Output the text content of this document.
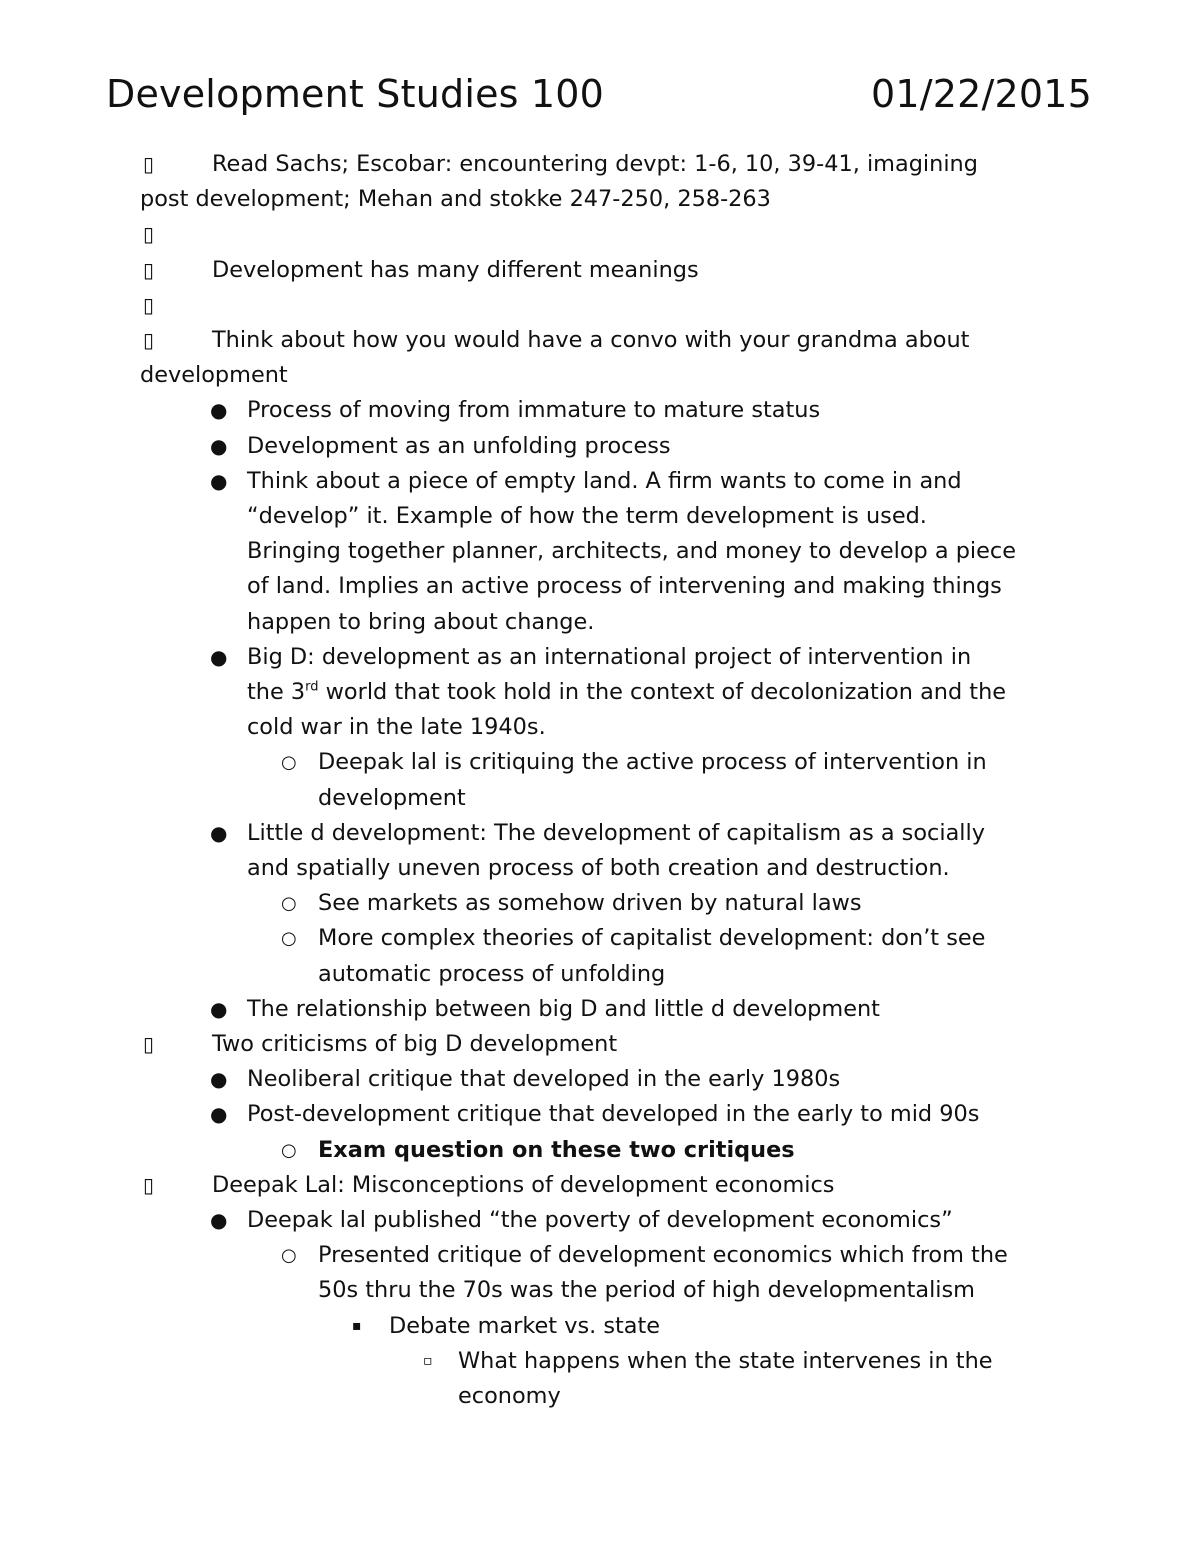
Development Studies 100	01/22/2015
▯	Read Sachs; Escobar: encountering devpt: 1-6, 10, 39-41, imagining
post development; Mehan and stokke 247-250, 258-263
▯
▯	Development has many different meanings
▯
▯	Think about how you would have a convo with your grandma about
development
● Process of moving from immature to mature status
● Development as an unfolding process
● Think about a piece of empty land. A firm wants to come in and
“develop” it. Example of how the term development is used.
Bringing together planner, architects, and money to develop a piece
of land. Implies an active process of intervening and making things
happen to bring about change.
● Big D: development as an international project of intervention in
the 3rd world that took hold in the context of decolonization and the
cold war in the late 1940s.
○ Deepak lal is critiquing the active process of intervention in
development
● Little d development: The development of capitalism as a socially
and spatially uneven process of both creation and destruction.
○ See markets as somehow driven by natural laws
○ More complex theories of capitalist development: don’t see
automatic process of unfolding
● The relationship between big D and little d development
▯	Two criticisms of big D development
● Neoliberal critique that developed in the early 1980s
● Post-development critique that developed in the early to mid 90s
○ Exam question on these two critiques
▯	Deepak Lal: Misconceptions of development economics
● Deepak lal published “the poverty of development economics”
○ Presented critique of development economics which from the
50s thru the 70s was the period of high developmentalism
▪ Debate market vs. state
▫ What happens when the state intervenes in the
economy
